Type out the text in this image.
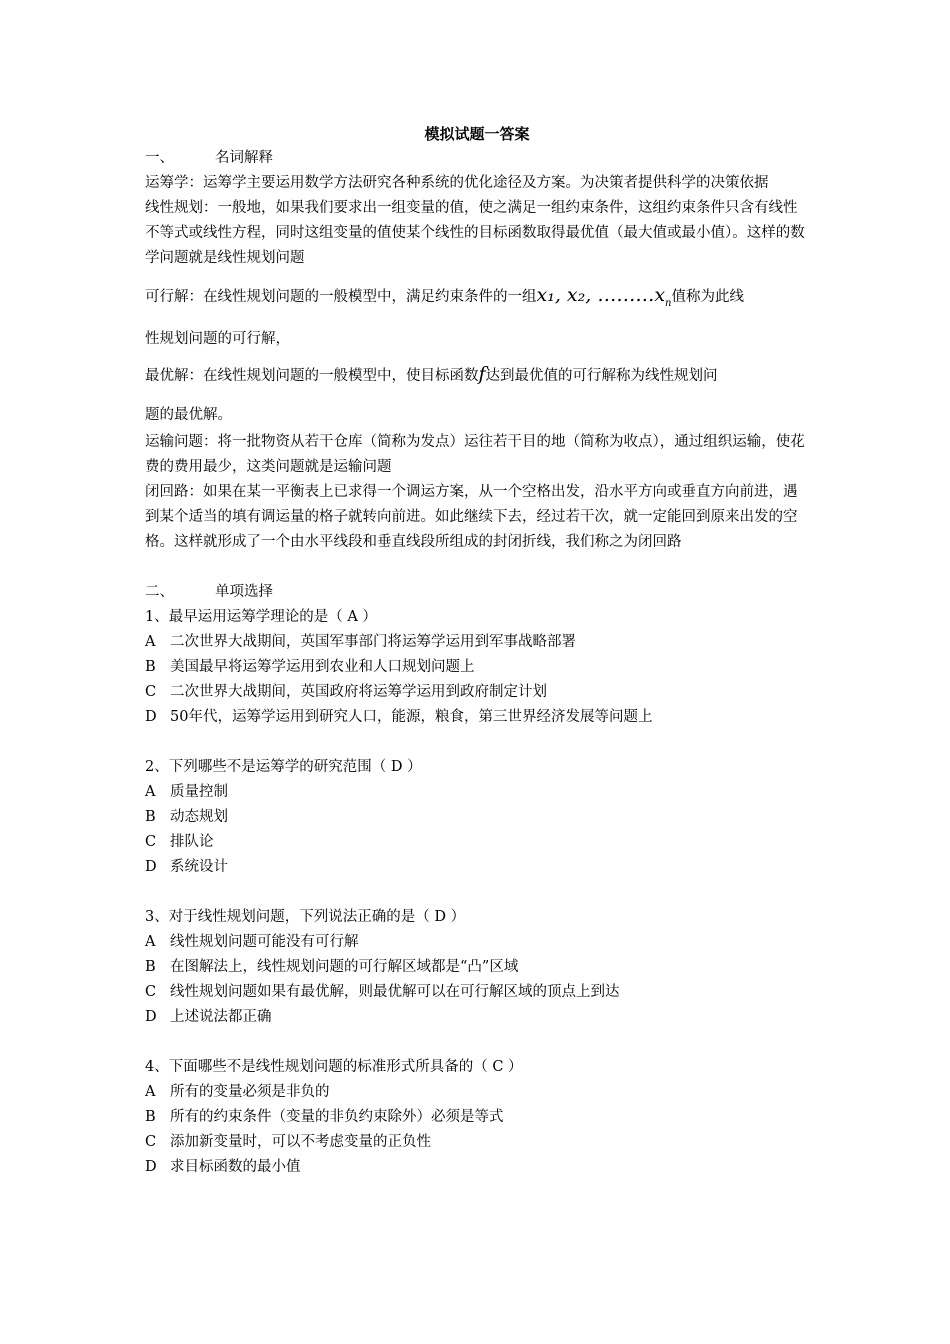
模拟试题一答案
一、	名词解释

运筹学：运筹学主要运用数学方法研究各种系统的优化途径及方案。为决策者提供科学的决策依据

线性规划：一般地，如果我们要求出一组变量的值，使之满足一组约束条件，这组约束条件只含有线性不等式或线性方程，同时这组变量的值使某个线性的目标函数取得最优值（最大值或最小值）。这样的数学问题就是线性规划问题

可行解：在线性规划问题的一般模型中，满足约束条件的一组x₁, x₂, $\dots\dots\dots x_n$值称为此线

性规划问题的可行解，

最优解：在线性规划问题的一般模型中，使目标函数f达到最优值的可行解称为线性规划问

题的最优解。

运输问题：将一批物资从若干仓库（简称为发点）运往若干目的地（简称为收点），通过组织运输，使花费的费用最少，这类问题就是运输问题

闭回路：如果在某一平衡表上已求得一个调运方案，从一个空格出发，沿水平方向或垂直方向前进，遇到某个适当的填有调运量的格子就转向前进。如此继续下去，经过若干次，就一定能回到原来出发的空格。这样就形成了一个由水平线段和垂直线段所组成的封闭折线，我们称之为闭回路

二、	单项选择

1、最早运用运筹学理论的是（ A ）

A 二次世界大战期间，英国军事部门将运筹学运用到军事战略部署

B 美国最早将运筹学运用到农业和人口规划问题上

C 二次世界大战期间，英国政府将运筹学运用到政府制定计划

D 50年代，运筹学运用到研究人口，能源，粮食，第三世界经济发展等问题上

2、下列哪些不是运筹学的研究范围（ D ）

A 质量控制

B 动态规划

C 排队论

D 系统设计

3、对于线性规划问题，下列说法正确的是（ D ）

A 线性规划问题可能没有可行解

B 在图解法上，线性规划问题的可行解区域都是“凸”区域

C 线性规划问题如果有最优解，则最优解可以在可行解区域的顶点上到达

D 上述说法都正确

4、下面哪些不是线性规划问题的标准形式所具备的（ C ）

A 所有的变量必须是非负的

B 所有的约束条件（变量的非负约束除外）必须是等式

C 添加新变量时，可以不考虑变量的正负性

D 求目标函数的最小值
